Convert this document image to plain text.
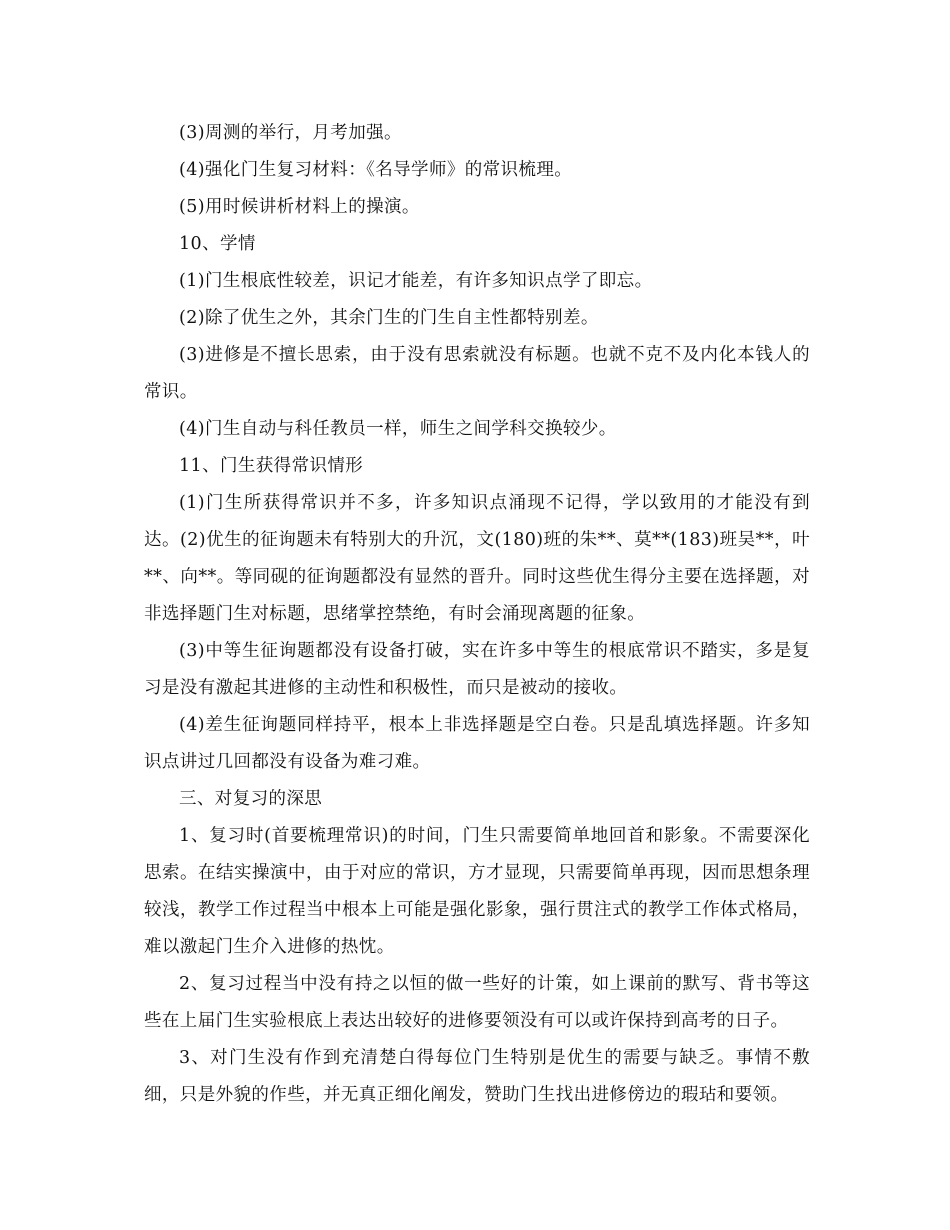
(3)周测的举行，月考加强。

(4)强化门生复习材料：《名导学师》的常识梳理。

(5)用时候讲析材料上的操演。

10、学情

(1)门生根底性较差，识记才能差，有许多知识点学了即忘。

(2)除了优生之外，其余门生的门生自主性都特别差。

(3)进修是不擅长思索，由于没有思索就没有标题。也就不克不及内化本钱人的常识。

(4)门生自动与科任教员一样，师生之间学科交换较少。

11、门生获得常识情形

(1)门生所获得常识并不多，许多知识点涌现不记得，学以致用的才能没有到达。(2)优生的征询题未有特别大的升沉，文(180)班的朱**、莫**(183)班吴**，叶**、向**。等同砚的征询题都没有显然的晋升。同时这些优生得分主要在选择题，对非选择题门生对标题，思绪掌控禁绝，有时会涌现离题的征象。

(3)中等生征询题都没有设备打破，实在许多中等生的根底常识不踏实，多是复习是没有激起其进修的主动性和积极性，而只是被动的接收。

(4)差生征询题同样持平，根本上非选择题是空白卷。只是乱填选择题。许多知识点讲过几回都没有设备为难刁难。

三、对复习的深思

1、复习时(首要梳理常识)的时间，门生只需要简单地回首和影象。不需要深化思索。在结实操演中，由于对应的常识，方才显现，只需要简单再现，因而思想条理较浅，教学工作过程当中根本上可能是强化影象，强行贯注式的教学工作体式格局，难以激起门生介入进修的热忱。

2、复习过程当中没有持之以恒的做一些好的计策，如上课前的默写、背书等这些在上届门生实验根底上表达出较好的进修要领没有可以或许保持到高考的日子。

3、对门生没有作到充清楚白得每位门生特别是优生的需要与缺乏。事情不敷细，只是外貌的作些，并无真正细化阐发，赞助门生找出进修傍边的瑕玷和要领。
